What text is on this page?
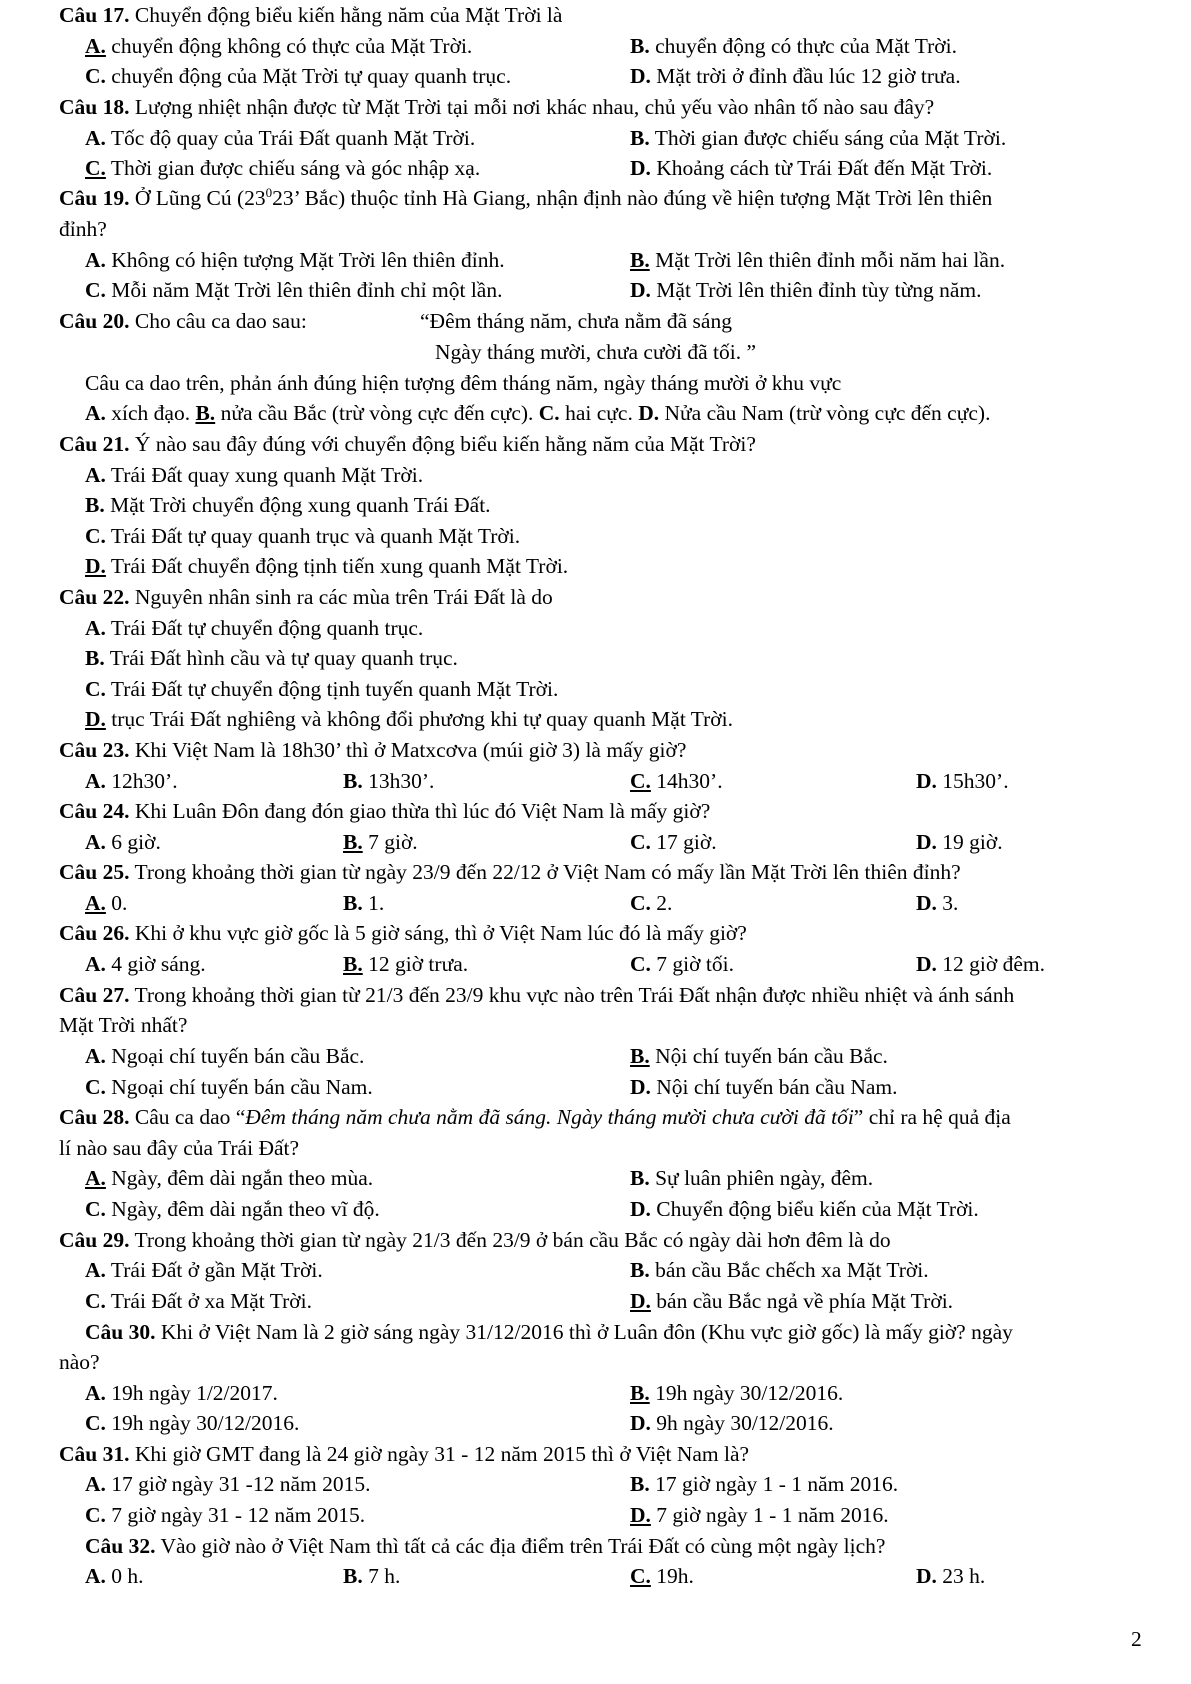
Câu 17. Chuyển động biểu kiến hằng năm của Mặt Trời là
A. chuyển động không có thực của Mặt Trời.	B. chuyển động có thực của Mặt Trời.
C. chuyển động của Mặt Trời tự quay quanh trục.	D. Mặt trời ở đỉnh đầu lúc 12 giờ trưa.
Câu 18. Lượng nhiệt nhận được từ Mặt Trời tại mỗi nơi khác nhau, chủ yếu vào nhân tố nào sau đây?
A. Tốc độ quay của Trái Đất quanh Mặt Trời.	B. Thời gian được chiếu sáng của Mặt Trời.
C. Thời gian được chiếu sáng và góc nhập xạ.	D. Khoảng cách từ Trái Đất đến Mặt Trời.
Câu 19. Ở Lũng Cú ($23^023$’ Bắc) thuộc tỉnh Hà Giang, nhận định nào đúng về hiện tượng Mặt Trời lên thiên
đỉnh?
A. Không có hiện tượng Mặt Trời lên thiên đỉnh.	B. Mặt Trời lên thiên đỉnh mỗi năm hai lần.
C. Mỗi năm Mặt Trời lên thiên đỉnh chỉ một lần.	D. Mặt Trời lên thiên đỉnh tùy từng năm.
Câu 20. Cho câu ca dao sau:	“Đêm tháng năm, chưa nằm đã sáng
Ngày tháng mười, chưa cười đã tối. ”
Câu ca dao trên, phản ánh đúng hiện tượng đêm tháng năm, ngày tháng mười ở khu vực
A. xích đạo. B. nửa cầu Bắc (trừ vòng cực đến cực). C. hai cực. D. Nửa cầu Nam (trừ vòng cực đến cực).
Câu 21. Ý nào sau đây đúng với chuyển động biểu kiến hằng năm của Mặt Trời?
A. Trái Đất quay xung quanh Mặt Trời.
B. Mặt Trời chuyển động xung quanh Trái Đất.
C. Trái Đất tự quay quanh trục và quanh Mặt Trời.
D. Trái Đất chuyển động tịnh tiến xung quanh Mặt Trời.
Câu 22. Nguyên nhân sinh ra các mùa trên Trái Đất là do
A. Trái Đất tự chuyển động quanh trục.
B. Trái Đất hình cầu và tự quay quanh trục.
C. Trái Đất tự chuyển động tịnh tuyến quanh Mặt Trời.
D. trục Trái Đất nghiêng và không đổi phương khi tự quay quanh Mặt Trời.
Câu 23. Khi Việt Nam là 18h30’ thì ở Matxcơva (múi giờ 3) là mấy giờ?
A. 12h30’.	B. 13h30’.	C. 14h30’.	D. 15h30’.
Câu 24. Khi Luân Đôn đang đón giao thừa thì lúc đó Việt Nam là mấy giờ?
A. 6 giờ.	B. 7 giờ.	C. 17 giờ.	D. 19 giờ.
Câu 25. Trong khoảng thời gian từ ngày 23/9 đến 22/12 ở Việt Nam có mấy lần Mặt Trời lên thiên đỉnh?
A. 0.	B. 1.	C. 2.	D. 3.
Câu 26. Khi ở khu vực giờ gốc là 5 giờ sáng, thì ở Việt Nam lúc đó là mấy giờ?
A. 4 giờ sáng.	B. 12 giờ trưa.	C. 7 giờ tối.	D. 12 giờ đêm.
Câu 27. Trong khoảng thời gian từ 21/3 đến 23/9 khu vực nào trên Trái Đất nhận được nhiều nhiệt và ánh sánh
Mặt Trời nhất?
A. Ngoại chí tuyến bán cầu Bắc.	B. Nội chí tuyến bán cầu Bắc.
C. Ngoại chí tuyến bán cầu Nam.	D. Nội chí tuyến bán cầu Nam.
Câu 28. Câu ca dao “Đêm tháng năm chưa nằm đã sáng. Ngày tháng mười chưa cười đã tối” chỉ ra hệ quả địa
lí nào sau đây của Trái Đất?
A. Ngày, đêm dài ngắn theo mùa.	B. Sự luân phiên ngày, đêm.
C. Ngày, đêm dài ngắn theo vĩ độ.	D. Chuyển động biểu kiến của Mặt Trời.
Câu 29. Trong khoảng thời gian từ ngày 21/3 đến 23/9 ở bán cầu Bắc có ngày dài hơn đêm là do
A. Trái Đất ở gần Mặt Trời.	B. bán cầu Bắc chếch xa Mặt Trời.
C. Trái Đất ở xa Mặt Trời.	D. bán cầu Bắc ngả về phía Mặt Trời.
Câu 30. Khi ở Việt Nam là 2 giờ sáng ngày 31/12/2016 thì ở Luân đôn (Khu vực giờ gốc) là mấy giờ? ngày
nào?
A. 19h ngày 1/2/2017.	B. 19h ngày 30/12/2016.
C. 19h ngày 30/12/2016.	D. 9h ngày 30/12/2016.
Câu 31. Khi giờ GMT đang là 24 giờ ngày 31 - 12 năm 2015 thì ở Việt Nam là?
A. 17 giờ ngày 31 -12 năm 2015.	B. 17 giờ ngày 1 - 1 năm 2016.
C. 7 giờ ngày 31 - 12 năm 2015.	D. 7 giờ ngày 1 - 1 năm 2016.
Câu 32. Vào giờ nào ở Việt Nam thì tất cả các địa điểm trên Trái Đất có cùng một ngày lịch?
A. 0 h.	B. 7 h.	C. 19h.	D. 23 h.
2
